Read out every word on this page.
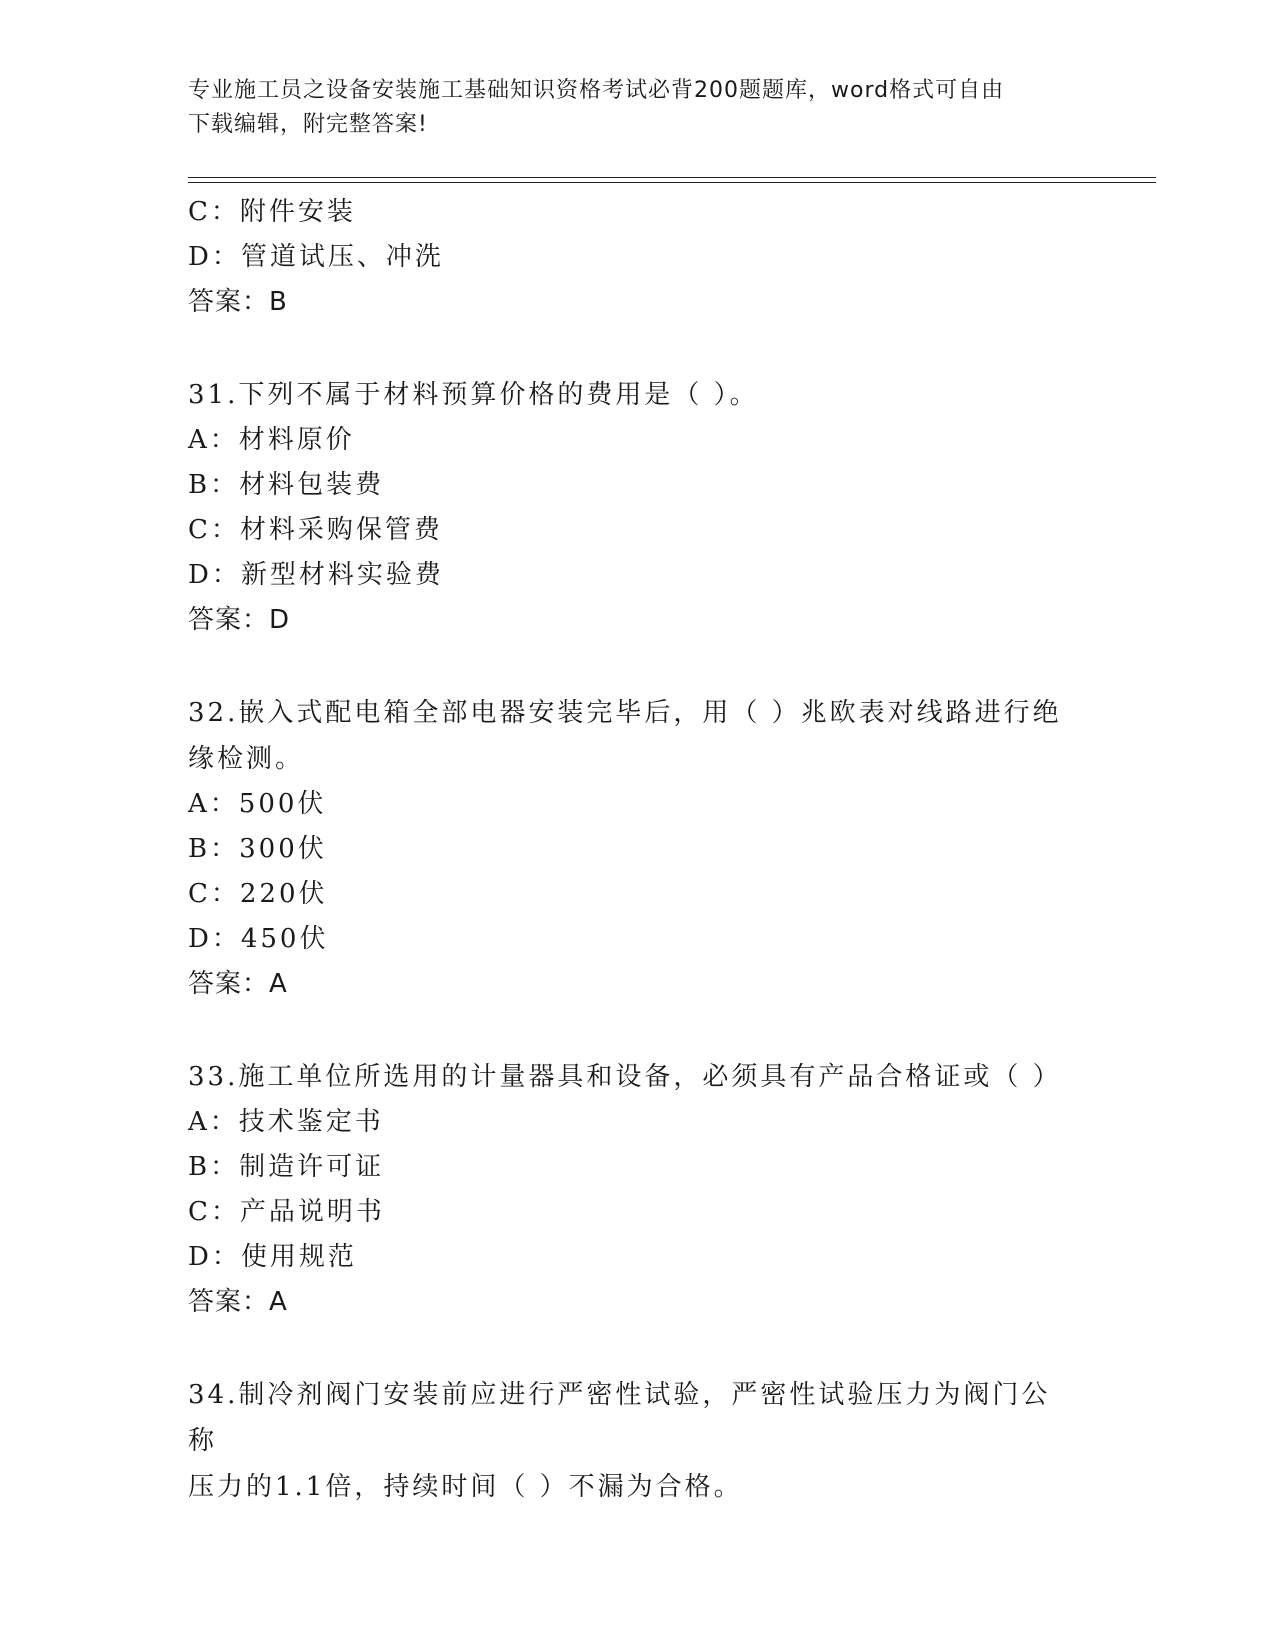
专业施工员之设备安装施工基础知识资格考试必背200题题库，word格式可自由
下载编辑，附完整答案!
C：附件安装
D：管道试压、冲洗
答案：B
31.下列不属于材料预算价格的费用是（ ）。
A：材料原价
B：材料包装费
C：材料采购保管费
D：新型材料实验费
答案：D
32.嵌入式配电箱全部电器安装完毕后，用（ ）兆欧表对线路进行绝
缘检测。
A：500伏
B：300伏
C：220伏
D：450伏
答案：A
33.施工单位所选用的计量器具和设备，必须具有产品合格证或（ ）
A：技术鉴定书
B：制造许可证
C：产品说明书
D：使用规范
答案：A
34.制冷剂阀门安装前应进行严密性试验，严密性试验压力为阀门公称
压力的1.1倍，持续时间（ ）不漏为合格。
